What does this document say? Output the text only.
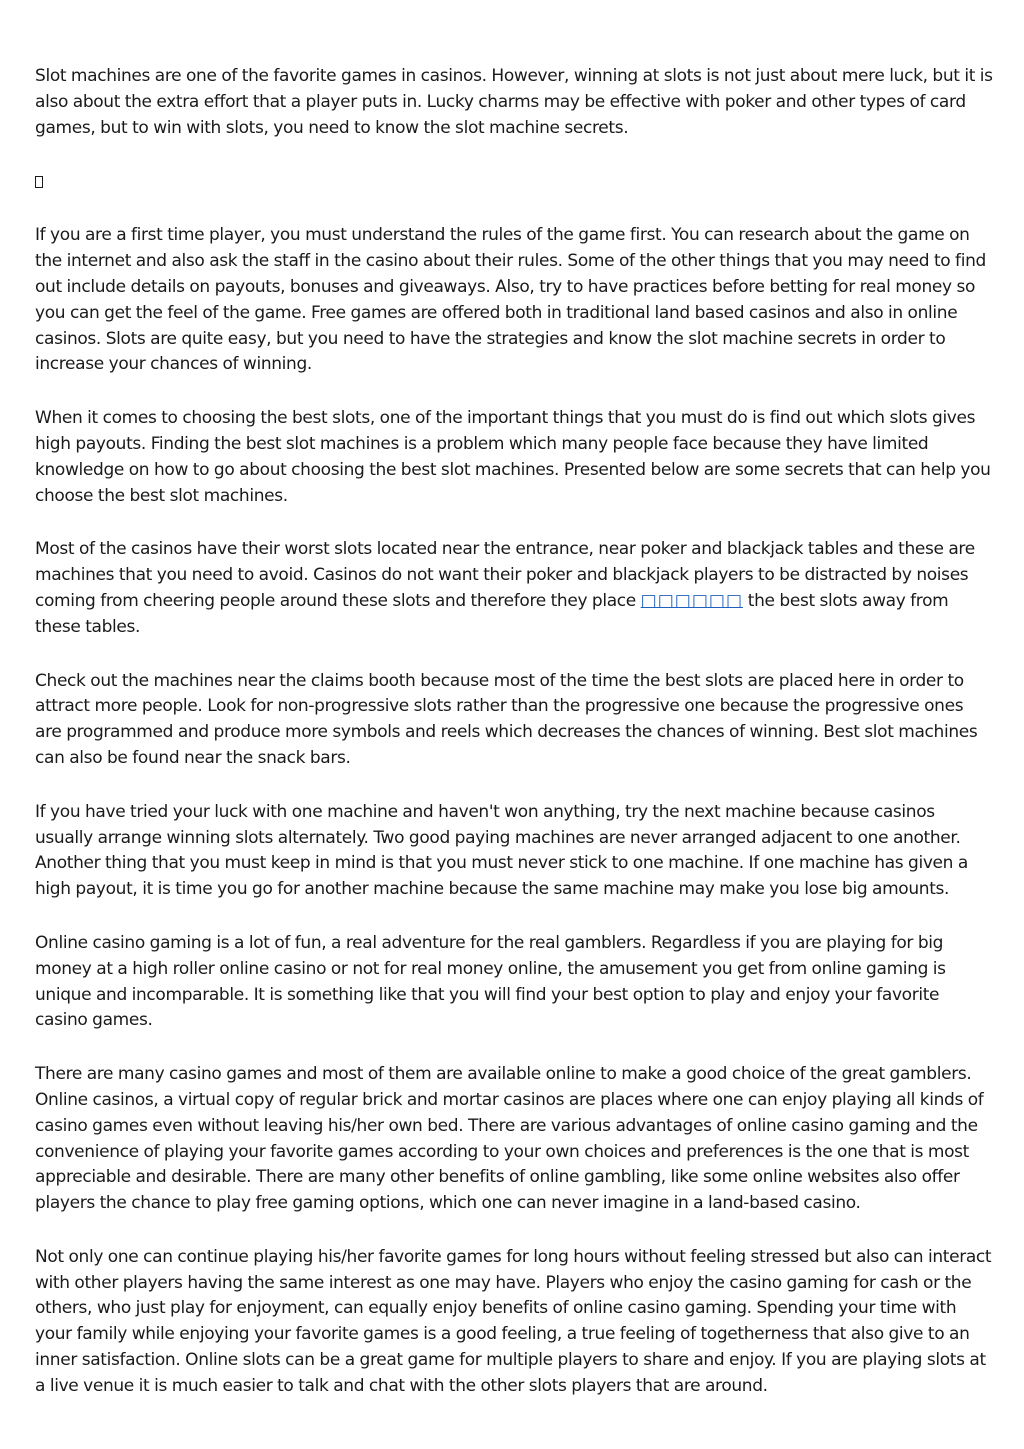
Slot machines are one of the favorite games in casinos. However, winning at slots is not just about mere luck, but it is also about the extra effort that a player puts in. Lucky charms may be effective with poker and other types of card games, but to win with slots, you need to know the slot machine secrets.

If you are a first time player, you must understand the rules of the game first. You can research about the game on the internet and also ask the staff in the casino about their rules. Some of the other things that you may need to find out include details on payouts, bonuses and giveaways. Also, try to have practices before betting for real money so you can get the feel of the game. Free games are offered both in traditional land based casinos and also in online casinos. Slots are quite easy, but you need to have the strategies and know the slot machine secrets in order to increase your chances of winning.

When it comes to choosing the best slots, one of the important things that you must do is find out which slots gives high payouts. Finding the best slot machines is a problem which many people face because they have limited knowledge on how to go about choosing the best slot machines. Presented below are some secrets that can help you choose the best slot machines.

Most of the casinos have their worst slots located near the entrance, near poker and blackjack tables and these are machines that you need to avoid. Casinos do not want their poker and blackjack players to be distracted by noises coming from cheering people around these slots and therefore they place □□□□□□ the best slots away from these tables.

Check out the machines near the claims booth because most of the time the best slots are placed here in order to attract more people. Look for non-progressive slots rather than the progressive one because the progressive ones are programmed and produce more symbols and reels which decreases the chances of winning. Best slot machines can also be found near the snack bars.

If you have tried your luck with one machine and haven't won anything, try the next machine because casinos usually arrange winning slots alternately. Two good paying machines are never arranged adjacent to one another. Another thing that you must keep in mind is that you must never stick to one machine. If one machine has given a high payout, it is time you go for another machine because the same machine may make you lose big amounts.

Online casino gaming is a lot of fun, a real adventure for the real gamblers. Regardless if you are playing for big money at a high roller online casino or not for real money online, the amusement you get from online gaming is unique and incomparable. It is something like that you will find your best option to play and enjoy your favorite casino games.

There are many casino games and most of them are available online to make a good choice of the great gamblers. Online casinos, a virtual copy of regular brick and mortar casinos are places where one can enjoy playing all kinds of casino games even without leaving his/her own bed. There are various advantages of online casino gaming and the convenience of playing your favorite games according to your own choices and preferences is the one that is most appreciable and desirable. There are many other benefits of online gambling, like some online websites also offer players the chance to play free gaming options, which one can never imagine in a land-based casino.

Not only one can continue playing his/her favorite games for long hours without feeling stressed but also can interact with other players having the same interest as one may have. Players who enjoy the casino gaming for cash or the others, who just play for enjoyment, can equally enjoy benefits of online casino gaming. Spending your time with your family while enjoying your favorite games is a good feeling, a true feeling of togetherness that also give to an inner satisfaction. Online slots can be a great game for multiple players to share and enjoy. If you are playing slots at a live venue it is much easier to talk and chat with the other slots players that are around.
